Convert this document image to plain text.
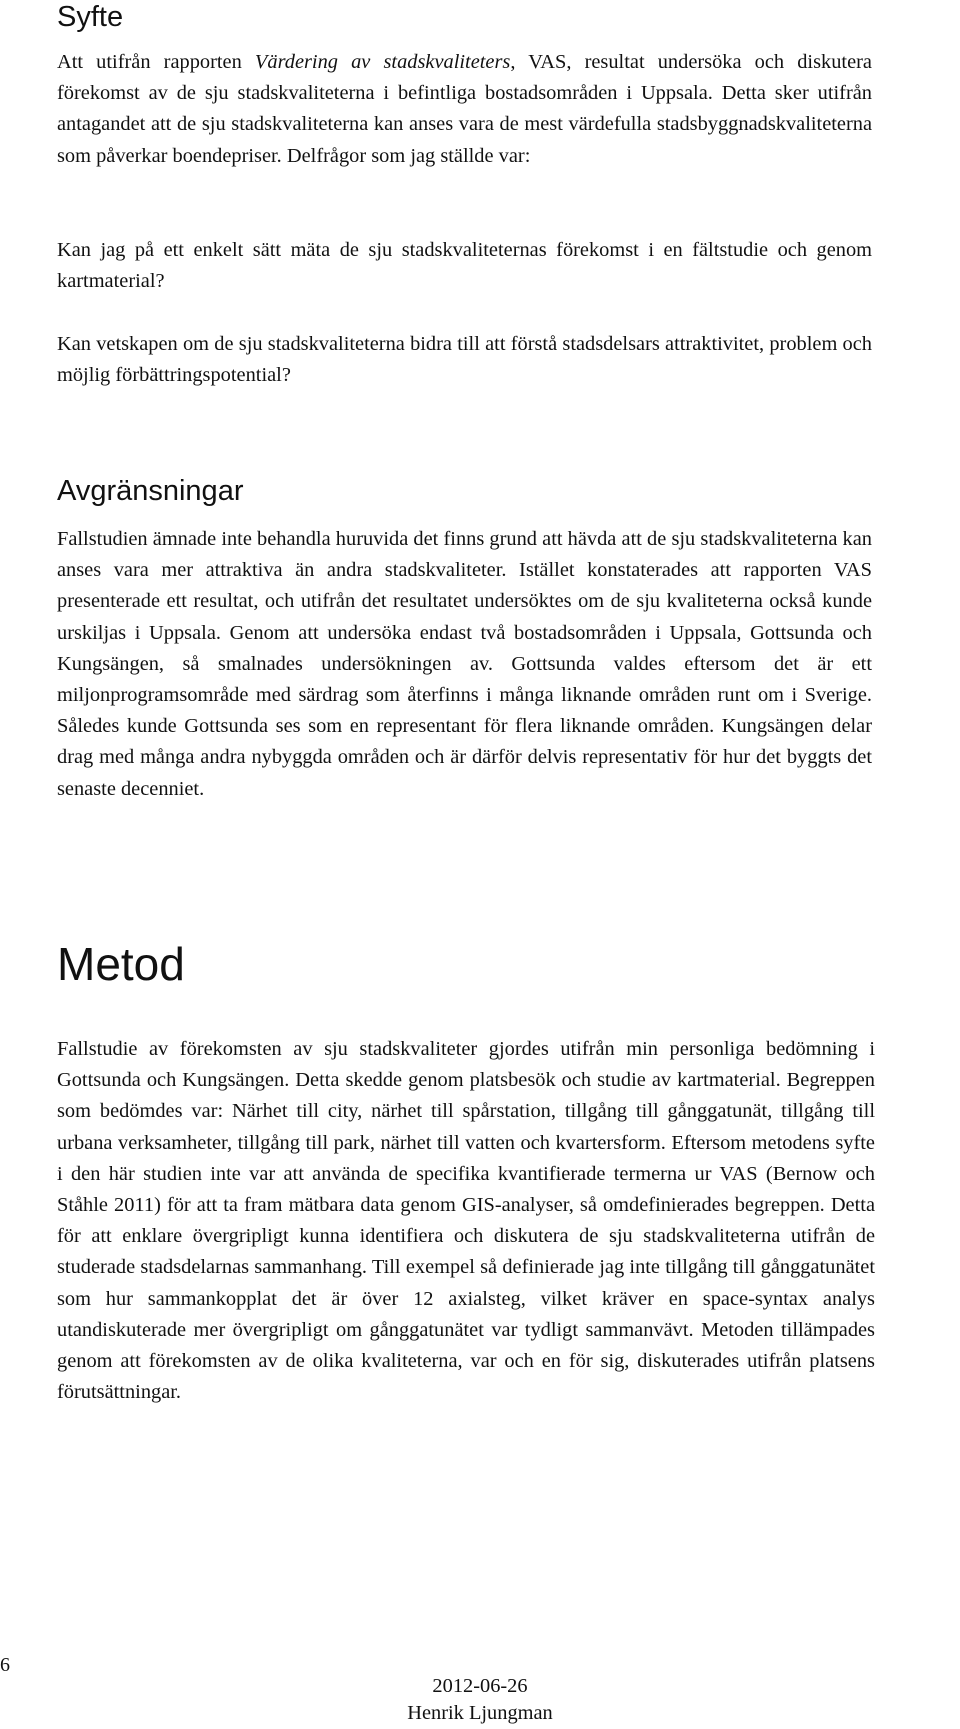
Syfte

Att utifrån rapporten Värdering av stadskvaliteters, VAS, resultat undersöka och diskutera förekomst av de sju stadskvaliteterna i befintliga bostadsområden i Uppsala. Detta sker utifrån antagandet att de sju stadskvaliteterna kan anses vara de mest värdefulla stadsbyggnadskvaliteterna som påverkar boendepriser. Delfrågor som jag ställde var:

Kan jag på ett enkelt sätt mäta de sju stadskvaliteternas förekomst i en fältstudie och genom kartmaterial?

Kan vetskapen om de sju stadskvaliteterna bidra till att förstå stadsdelsars attraktivitet, problem och möjlig förbättringspotential?

Avgränsningar

Fallstudien ämnade inte behandla huruvida det finns grund att hävda att de sju stadskvaliteterna kan anses vara mer attraktiva än andra stadskvaliteter. Istället konstaterades att rapporten VAS presenterade ett resultat, och utifrån det resultatet undersöktes om de sju kvaliteterna också kunde urskiljas i Uppsala. Genom att undersöka endast två bostadsområden i Uppsala, Gottsunda och Kungsängen, så smalnades undersökningen av. Gottsunda valdes eftersom det är ett miljonprogramsområde med särdrag som återfinns i många liknande områden runt om i Sverige. Således kunde Gottsunda ses som en representant för flera liknande områden. Kungsängen delar drag med många andra nybyggda områden och är därför delvis representativ för hur det byggts det senaste decenniet.

Metod

Fallstudie av förekomsten av sju stadskvaliteter gjordes utifrån min personliga bedömning i Gottsunda och Kungsängen. Detta skedde genom platsbesök och studie av kartmaterial. Begreppen som bedömdes var: Närhet till city, närhet till spårstation, tillgång till gånggatunät, tillgång till urbana verksamheter, tillgång till park, närhet till vatten och kvartersform. Eftersom metodens syfte i den här studien inte var att använda de specifika kvantifierade termerna ur VAS (Bernow och Ståhle 2011) för att ta fram mätbara data genom GIS-analyser, så omdefinierades begreppen. Detta för att enklare övergripligt kunna identifiera och diskutera de sju stadskvaliteterna utifrån de studerade stadsdelarnas sammanhang. Till exempel så definierade jag inte tillgång till gånggatunätet som hur sammankopplat det är över 12 axialsteg, vilket kräver en space-syntax analys utandiskuterade mer övergripligt om gånggatunätet var tydligt sammanvävt. Metoden tillämpades genom att förekomsten av de olika kvaliteterna, var och en för sig, diskuterades utifrån platsens förutsättningar.

6
2012-06-26
Henrik Ljungman
